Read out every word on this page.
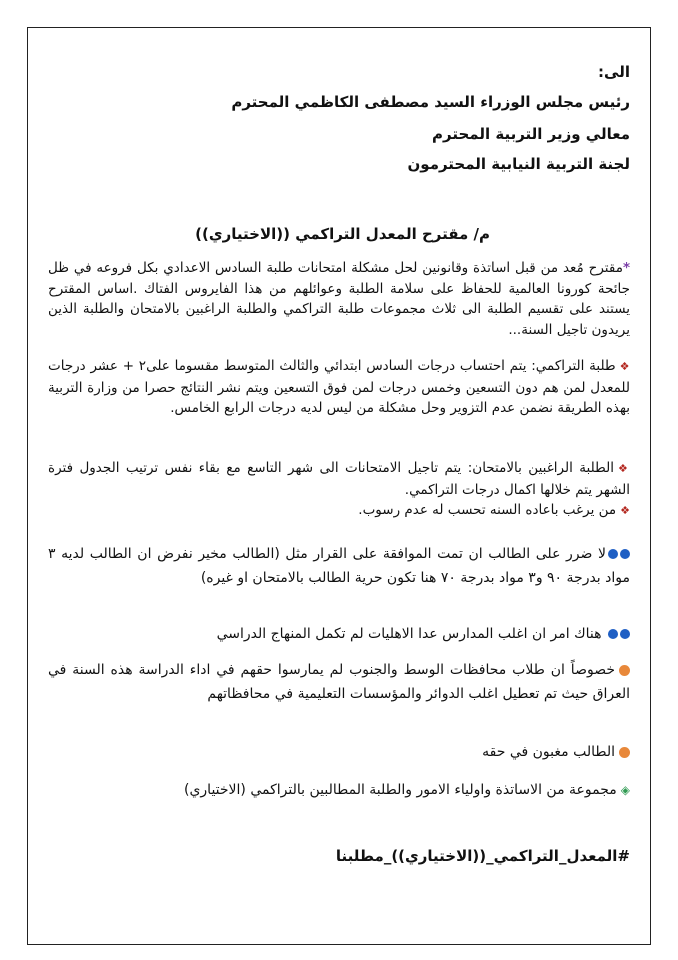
الى:
رئيس مجلس الوزراء السيد مصطفى الكاظمي المحترم
معالي وزير التربية المحترم
لجنة التربية النيابية المحترمون
م/ مقترح المعدل التراكمي ((الاختياري))
*مقترح مُعد من قبل اساتذة وقانونين لحل مشكلة امتحانات طلبة السادس الاعدادي بكل فروعه في ظل جائحة كورونا العالمية للحفاظ على سلامة الطلبة وعوائلهم من هذا الفايروس الفتاك .اساس المقترح يستند على تقسيم الطلبة الى ثلاث مجموعات طلبة التراكمي والطلبة الراغبين بالامتحان والطلبة الذين يريدون تاجيل السنة...
❖طلبة التراكمي: يتم احتساب درجات السادس ابتدائي والثالث المتوسط مقسوما على٢ + عشر درجات للمعدل لمن هم دون التسعين وخمس درجات لمن فوق التسعين ويتم نشر النتائج حصرا من وزارة التربية بهذه الطريقة نضمن عدم التزوير وحل مشكلة من ليس لديه درجات الرابع الخامس.
❖الطلبة الراغبين بالامتحان: يتم تاجيل الامتحانات الى شهر التاسع مع بقاء نفس ترتيب الجدول فترة الشهر يتم خلالها اكمال درجات التراكمي.
❖من يرغب باعاده السنه تحسب له عدم رسوب.
لا ضرر على الطالب ان تمت الموافقة على القرار مثل (الطالب مخير نفرض ان الطالب لديه ٣ مواد بدرجة ٩٠ و٣ مواد بدرجة ٧٠ هنا تكون حرية الطالب بالامتحان او غيره)
هناك امر ان اغلب المدارس عدا الاهليات لم تكمل المنهاج الدراسي
خصوصاً ان طلاب محافظات الوسط والجنوب لم يمارسوا حقهم في اداء الدراسة هذه السنة في العراق حيث تم تعطيل اغلب الدوائر والمؤسسات التعليمية في محافظاتهم
الطالب مغبون في حقه
◈مجموعة من الاساتذة واولياء الامور والطلبة المطالبين بالتراكمي (الاختياري)
#المعدل_التراكمي_((الاختياري))_مطلبنا
